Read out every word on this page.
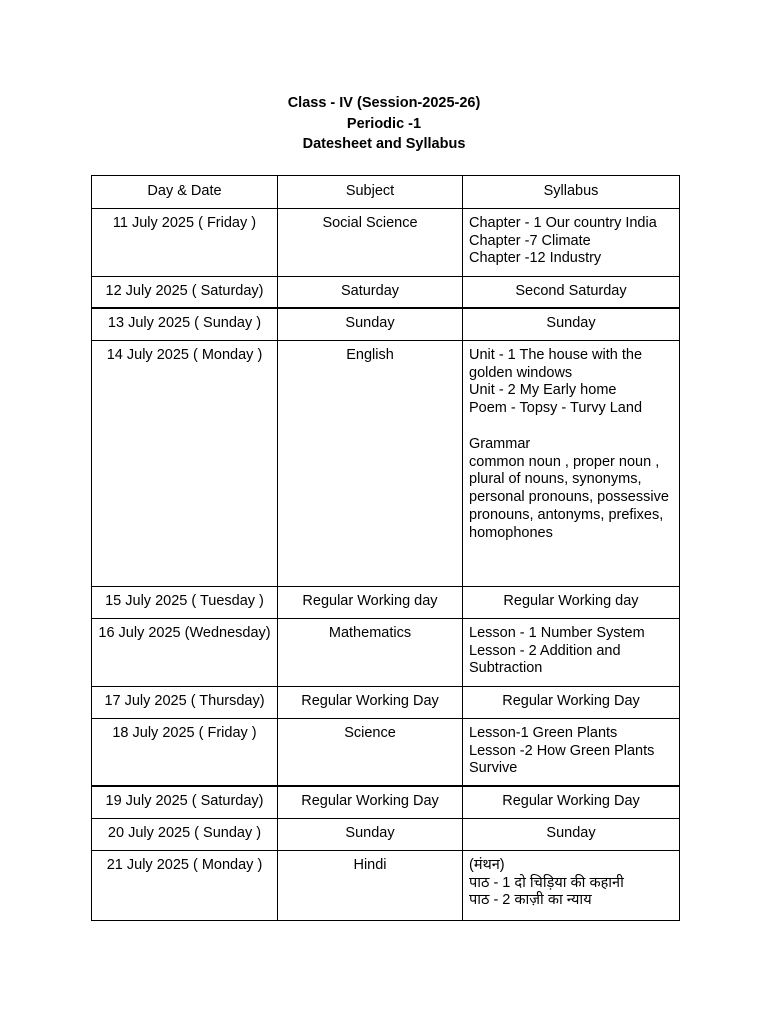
Class - IV (Session-2025-26)
Periodic -1
Datesheet and Syllabus
Day & Date	Subject	Syllabus
11 July 2025 ( Friday )	Social Science	Chapter - 1 Our country India
Chapter -7 Climate
Chapter -12 Industry

12 July 2025 ( Saturday)	Saturday	Second Saturday

13 July 2025 ( Sunday )	Sunday	Sunday

14 July 2025 ( Monday )	English	Unit - 1 The house with the golden windows
Unit - 2 My Early home
Poem - Topsy - Turvy Land
Grammar
common noun , proper noun , plural of nouns, synonyms, personal pronouns, possessive pronouns, antonyms, prefixes, homophones

15 July 2025 ( Tuesday )	Regular Working day	Regular Working day

16 July 2025 (Wednesday)	Mathematics	Lesson - 1 Number System
Lesson - 2 Addition and Subtraction

17 July 2025 ( Thursday)	Regular Working Day	Regular Working Day

18 July 2025 ( Friday )	Science	Lesson-1 Green Plants
Lesson -2 How Green Plants Survive

19 July 2025 ( Saturday)	Regular Working Day	Regular Working Day

20 July 2025 ( Sunday )	Sunday	Sunday

21 July 2025 ( Monday )	Hindi	(मंथन)
पाठ - 1 दो चिड़िया की कहानी
पाठ - 2 काज़ी का न्याय
